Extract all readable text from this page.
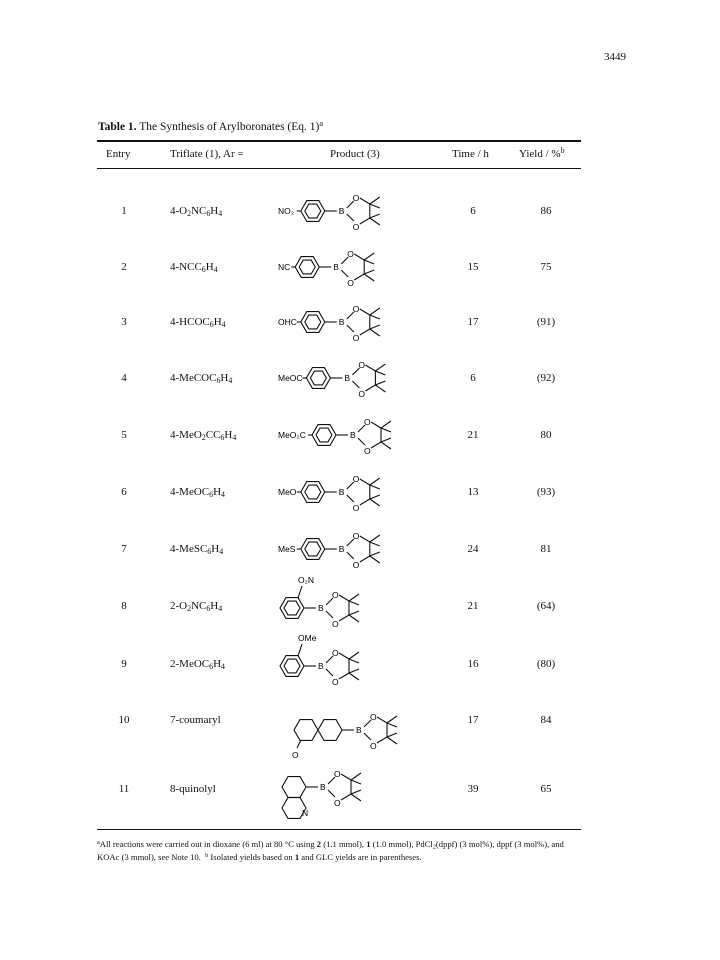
3449
Table 1. The Synthesis of Arylboronates (Eq. 1)$^a$
Entry	Triflate (1), Ar =	Product (3)	Time / h	Yield / %$^b$
1	$4-O_2NC_6H_4$	6	86
NO₂	B
O
O
2	$4-NCC_6H_4$	15	75
NC	B
O
O
3	$4-HCOC_6H_4$	17	(91)
OHC	B
O
O
4	$4-MeCOC_6H_4$	6	(92)
MeOC	B
O
O
5	$4-MeO_2CC_6H_4$	21	80
MeO₂C	B
O
O
6	$4-MeOC_6H_4$	13	(93)
MeO	B
O
O
7	$4-MeSC_6H_4$	24	81
MeS	B
O
O
8	$2-O_2NC_6H_4$	21	(64)
O₂N
B
O
O
9	$2-MeOC_6H_4$	16	(80)
OMe
B
O
O
10	7-coumaryl	17	84
O
B
O
O
11	8-quinolyl	39	65
N
B
O
O
$^a$All reactions were carried out in dioxane (6 ml) at 80 °C using 2 (1.1 mmol), 1 (1.0 mmol), PdCl$_2$(dppf) (3 mol%), dppf (3 mol%), and KOAc (3 mmol), see Note 10. $^b$ Isolated yields based on 1 and GLC yields are in parentheses.
